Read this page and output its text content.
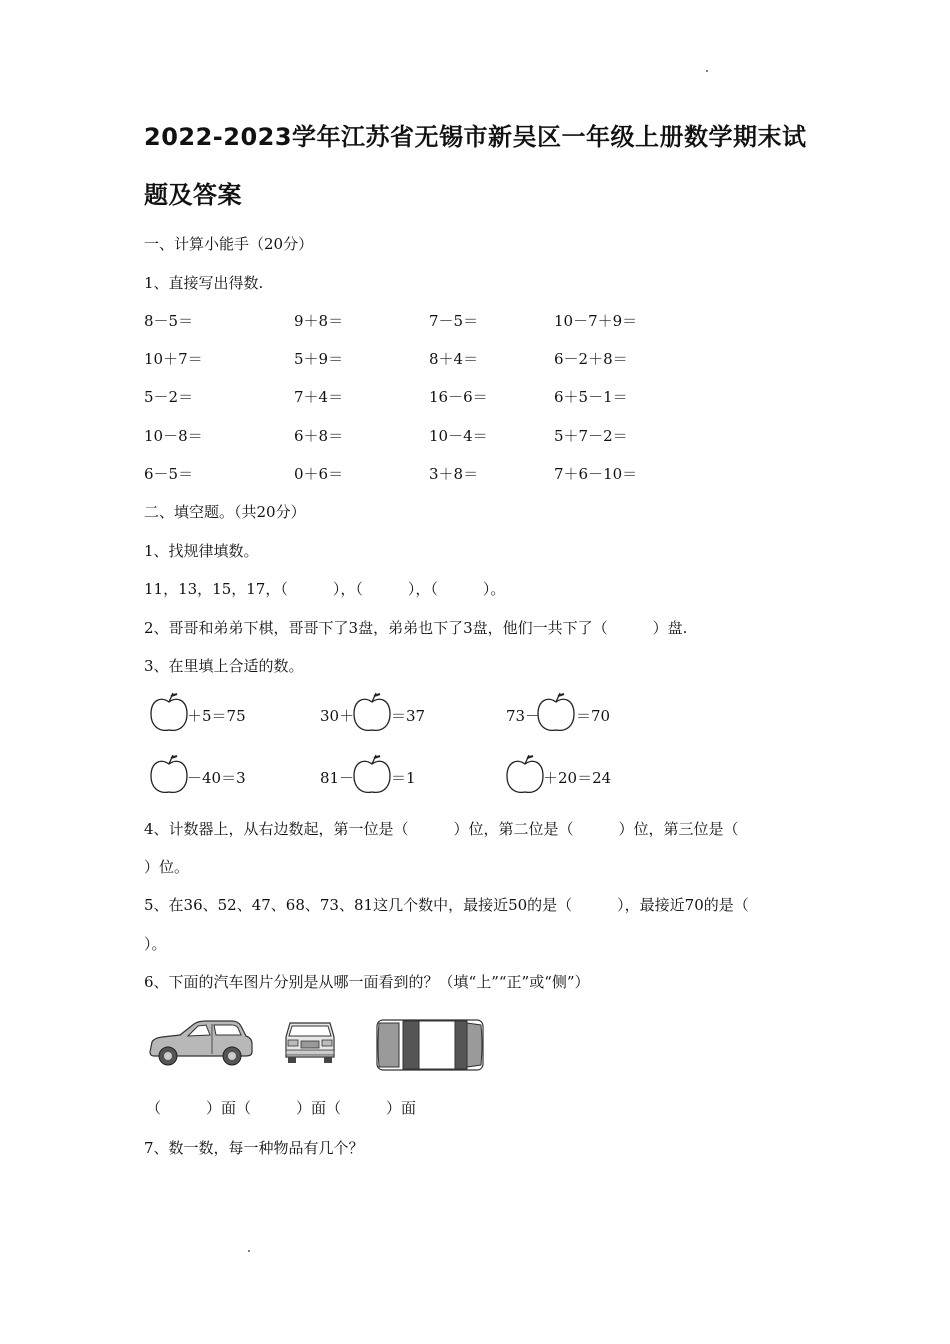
2022-2023学年江苏省无锡市新吴区一年级上册数学期末试
题及答案
一、计算小能手（20分）
1、直接写出得数.
8－5＝	9＋8＝	7－5＝	10－7＋9＝
10＋7＝	5＋9＝	8＋4＝	6－2＋8＝
5－2＝	7＋4＝	16－6＝	6＋5－1＝
10－8＝	6＋8＝	10－4＝	5＋7－2＝
6－5＝	0＋6＝	3＋8＝	7＋6－10＝
二、填空题。（共20分）
1、找规律填数。
11，13，15，17，（　　　），（　　　），（　　　）。
2、哥哥和弟弟下棋，哥哥下了3盘，弟弟也下了3盘，他们一共下了（　　　）盘.
3、在里填上合适的数。
＋5＝75	30＋ ＝37	73－ ＝70
－40＝3	81－ ＝1	＋20＝24
4、计数器上，从右边数起，第一位是（　　　）位，第二位是（　　　）位，第三位是（
）位。
5、在36、52、47、68、73、81这几个数中，最接近50的是（　　　），最接近70的是（
）。
6、下面的汽车图片分别是从哪一面看到的？（填“上”“正”或“侧”）
（　　　）面（　　　）面（　　　）面
7、数一数，每一种物品有几个？
